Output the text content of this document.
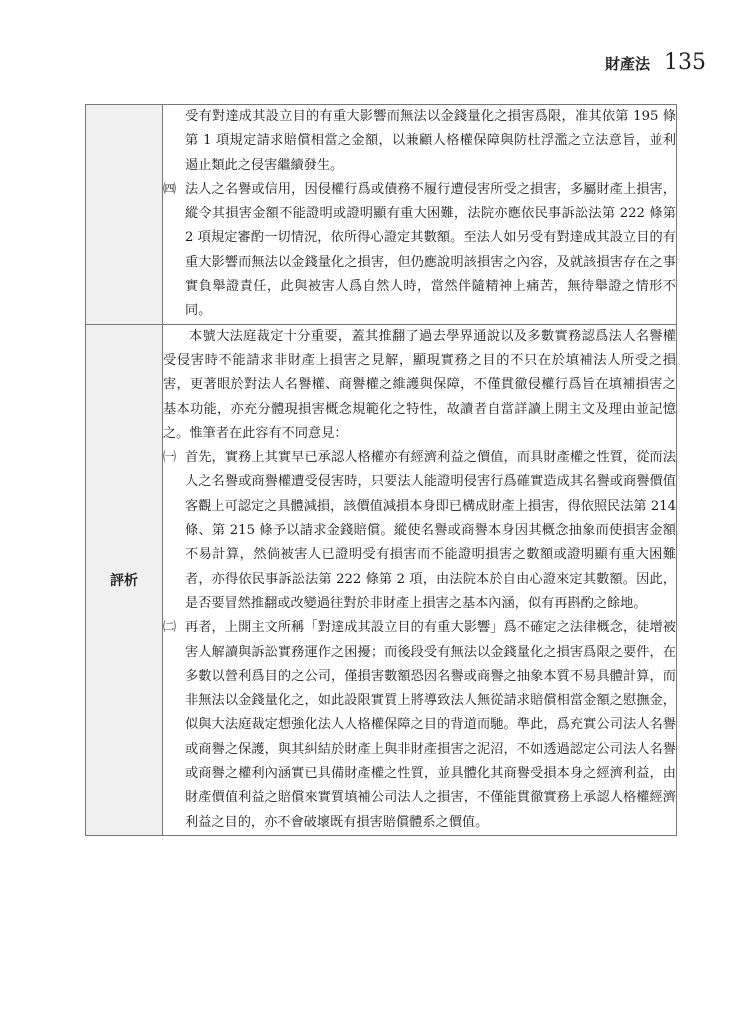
財產法 135

	受有對達成其設立目的有重大影響而無法以金錢量化之損害爲限，准其依第 195 條第 1 項規定請求賠償相當之金額，以兼顧人格權保障與防杜浮濫之立法意旨，並利遏止類此之侵害繼續發生。

㈣ 法人之名譽或信用，因侵權行爲或債務不履行遭侵害所受之損害，多屬財產上損害，縱令其損害金額不能證明或證明顯有重大困難，法院亦應依民事訴訟法第 222 條第 2 項規定審酌一切情況，依所得心證定其數額。至法人如另受有對達成其設立目的有重大影響而無法以金錢量化之損害，但仍應說明該損害之內容，及就該損害存在之事實負舉證責任，此與被害人爲自然人時，當然伴隨精神上痛苦，無待舉證之情形不同。

評析	本號大法庭裁定十分重要，蓋其推翻了過去學界通說以及多數實務認爲法人名譽權受侵害時不能請求非財產上損害之見解，顯現實務之目的不只在於填補法人所受之損害，更著眼於對法人名譽權、商譽權之維護與保障，不僅貫徹侵權行爲旨在填補損害之基本功能，亦充分體現損害概念規範化之特性，故讀者自當詳讀上開主文及理由並記憶之。惟筆者在此容有不同意見：

㈠ 首先，實務上其實早已承認人格權亦有經濟利益之價值，而具財產權之性質，從而法人之名譽或商譽權遭受侵害時，只要法人能證明侵害行爲確實造成其名譽或商譽價值客觀上可認定之具體減損，該價值減損本身即已構成財產上損害，得依照民法第 214 條、第 215 條予以請求金錢賠償。縱使名譽或商譽本身因其概念抽象而使損害金額不易計算，然倘被害人已證明受有損害而不能證明損害之數額或證明顯有重大困難者，亦得依民事訴訟法第 222 條第 2 項，由法院本於自由心證來定其數額。因此，是否要冒然推翻或改變過往對於非財產上損害之基本內涵，似有再斟酌之餘地。

㈡ 再者，上開主文所稱「對達成其設立目的有重大影響」爲不確定之法律概念，徒增被害人解讀與訴訟實務運作之困擾；而後段受有無法以金錢量化之損害爲限之要件，在多數以營利爲目的之公司，僅損害數額恐因名譽或商譽之抽象本質不易具體計算，而非無法以金錢量化之，如此設限實質上將導致法人無從請求賠償相當金額之慰撫金，似與大法庭裁定想強化法人人格權保障之目的背道而馳。準此，爲充實公司法人名譽或商譽之保護，與其糾結於財產上與非財產損害之泥沼，不如透過認定公司法人名譽或商譽之權利內涵實已具備財產權之性質，並具體化其商譽受損本身之經濟利益，由財產價值利益之賠償來實質填補公司法人之損害，不僅能貫徹實務上承認人格權經濟利益之目的，亦不會破壞既有損害賠償體系之價值。
